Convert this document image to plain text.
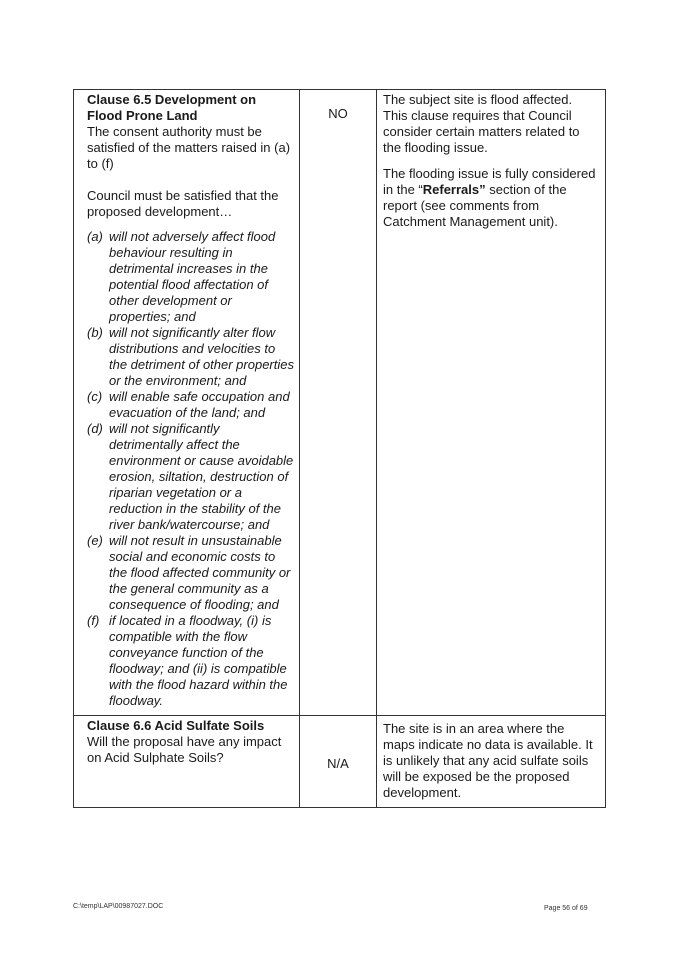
Clause 6.5 Development on Flood Prone Land
The consent authority must be satisfied of the matters raised in (a) to (f)
Council must be satisfied that the proposed development…
(a) will not adversely affect flood behaviour resulting in detrimental increases in the potential flood affectation of other development or properties; and
(b) will not significantly alter flow distributions and velocities to the detriment of other properties or the environment; and
(c) will enable safe occupation and evacuation of the land; and
(d) will not significantly detrimentally affect the environment or cause avoidable erosion, siltation, destruction of riparian vegetation or a reduction in the stability of the river bank/watercourse; and
(e) will not result in unsustainable social and economic costs to the flood affected community or the general community as a consequence of flooding; and
(f) if located in a floodway, (i) is compatible with the flow conveyance function of the floodway; and (ii) is compatible with the flood hazard within the floodway.
NO
The subject site is flood affected. This clause requires that Council consider certain matters related to the flooding issue.
The flooding issue is fully considered in the “Referrals” section of the report (see comments from Catchment Management unit).
Clause 6.6 Acid Sulfate Soils
Will the proposal have any impact on Acid Sulphate Soils?	N/A
The site is in an area where the maps indicate no data is available. It is unlikely that any acid sulfate soils will be exposed be the proposed development.
C:\temp\LAP\00987027.DOC	Page 56 of 69
